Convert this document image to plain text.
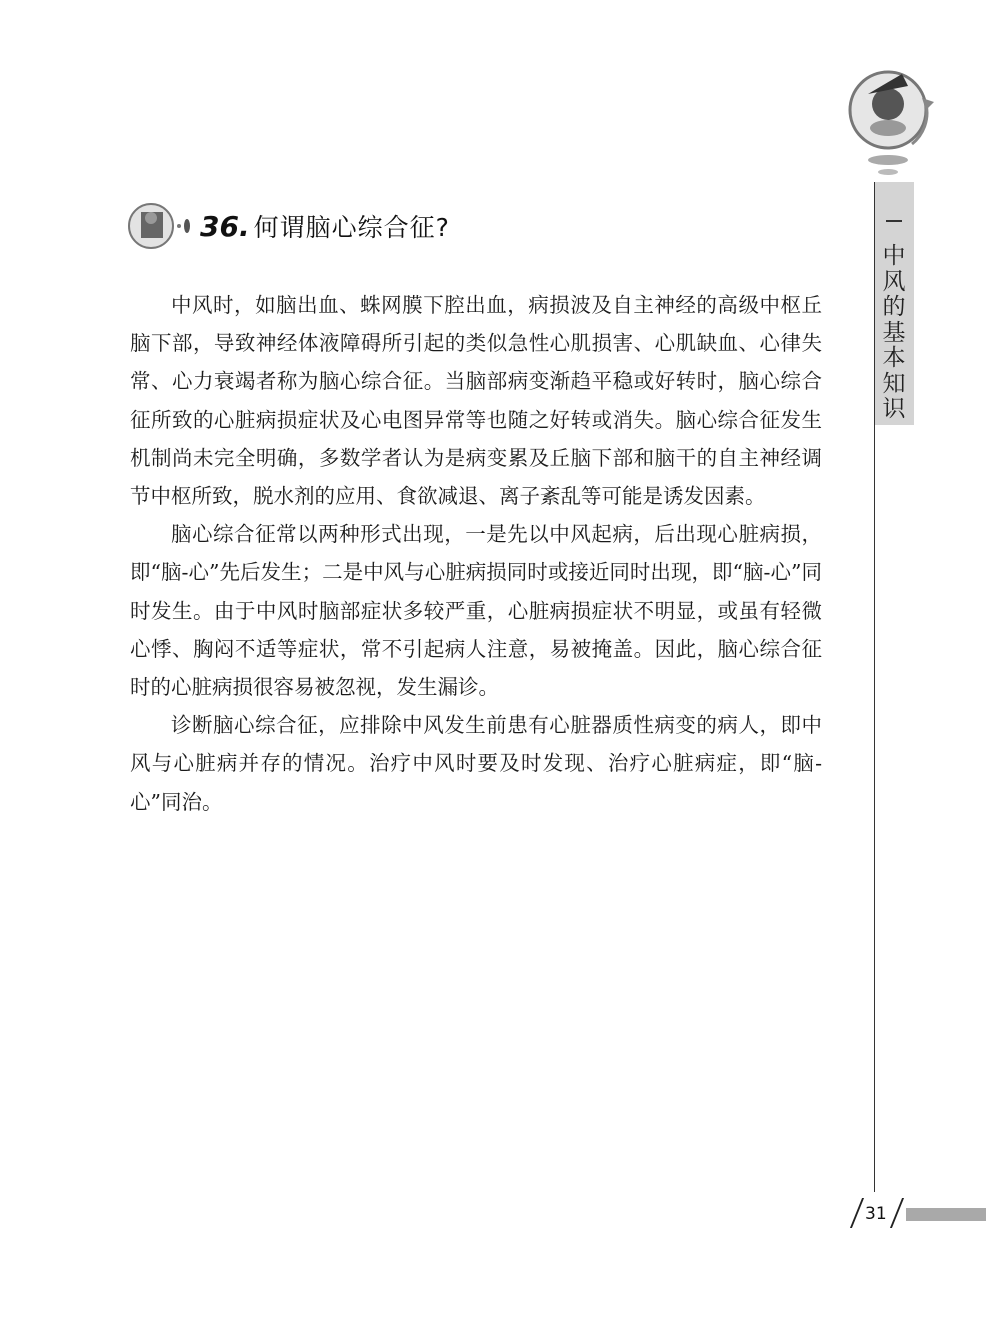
中风的基本知识
36. 何谓脑心综合征?

中风时，如脑出血、蛛网膜下腔出血，病损波及自主神经的高级中枢丘脑下部，导致神经体液障碍所引起的类似急性心肌损害、心肌缺血、心律失常、心力衰竭者称为脑心综合征。当脑部病变渐趋平稳或好转时，脑心综合征所致的心脏病损症状及心电图异常等也随之好转或消失。脑心综合征发生机制尚未完全明确，多数学者认为是病变累及丘脑下部和脑干的自主神经调节中枢所致，脱水剂的应用、食欲减退、离子紊乱等可能是诱发因素。

脑心综合征常以两种形式出现，一是先以中风起病，后出现心脏病损，即“脑-心”先后发生；二是中风与心脏病损同时或接近同时出现，即“脑-心”同时发生。由于中风时脑部症状多较严重，心脏病损症状不明显，或虽有轻微心悸、胸闷不适等症状，常不引起病人注意，易被掩盖。因此，脑心综合征时的心脏病损很容易被忽视，发生漏诊。

诊断脑心综合征，应排除中风发生前患有心脏器质性病变的病人，即中风与心脏病并存的情况。治疗中风时要及时发现、治疗心脏病症，即“脑-心”同治。

31
